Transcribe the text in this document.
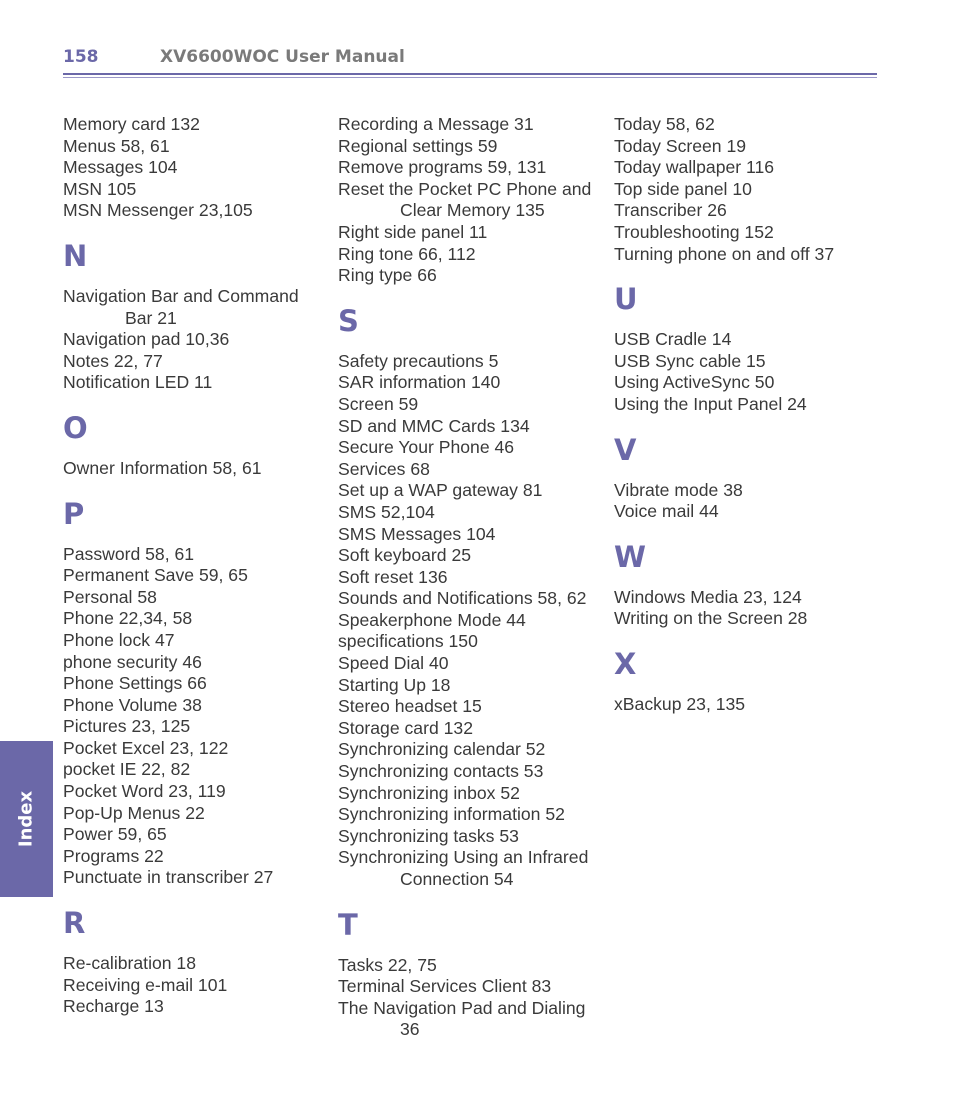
158	XV6600WOC User Manual
Memory card 132
Menus 58, 61
Messages 104
MSN 105
MSN Messenger 23,105
N
Navigation Bar and Command
Bar 21
Navigation pad 10,36
Notes 22, 77
Notification LED 11
O
Owner Information 58, 61
P
Password 58, 61
Permanent Save 59, 65
Personal 58
Phone 22,34, 58
Phone lock 47
phone security 46
Phone Settings 66
Phone Volume 38
Pictures 23, 125
Pocket Excel 23, 122
pocket IE 22, 82
Pocket Word 23, 119
Pop-Up Menus 22
Power 59, 65
Programs 22
Punctuate in transcriber 27
R
Re-calibration 18
Receiving e-mail 101
Recharge 13
Recording a Message 31
Regional settings 59
Remove programs 59, 131
Reset the Pocket PC Phone and
Clear Memory 135
Right side panel 11
Ring tone 66, 112
Ring type 66
S
Safety precautions 5
SAR information 140
Screen 59
SD and MMC Cards 134
Secure Your Phone 46
Services 68
Set up a WAP gateway 81
SMS 52,104
SMS Messages 104
Soft keyboard 25
Soft reset 136
Sounds and Notifications 58, 62
Speakerphone Mode 44
specifications 150
Speed Dial 40
Starting Up 18
Stereo headset 15
Storage card 132
Synchronizing calendar 52
Synchronizing contacts 53
Synchronizing inbox 52
Synchronizing information 52
Synchronizing tasks 53
Synchronizing Using an Infrared
Connection 54
T
Tasks 22, 75
Terminal Services Client 83
The Navigation Pad and Dialing
36
Today 58, 62
Today Screen 19
Today wallpaper 116
Top side panel 10
Transcriber 26
Troubleshooting 152
Turning phone on and off 37
U
USB Cradle 14
USB Sync cable 15
Using ActiveSync 50
Using the Input Panel 24
V
Vibrate mode 38
Voice mail 44
W
Windows Media 23, 124
Writing on the Screen 28
X
xBackup 23, 135
Index
